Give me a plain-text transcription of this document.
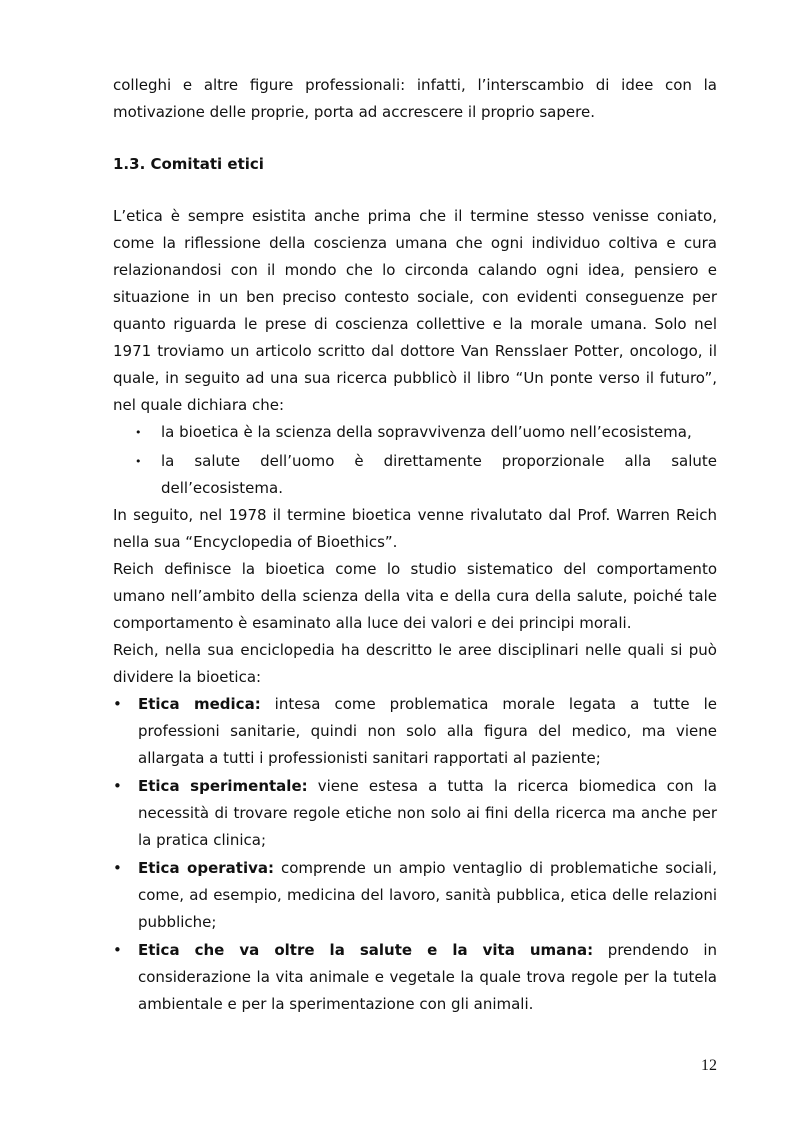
colleghi e altre figure professionali: infatti, l’interscambio di idee con la motivazione delle proprie, porta ad accrescere il proprio sapere.

1.3. Comitati etici

L’etica è sempre esistita anche prima che il termine stesso venisse coniato, come la riflessione della coscienza umana che ogni individuo coltiva e cura relazionandosi con il mondo che lo circonda calando ogni idea, pensiero e situazione in un ben preciso contesto sociale, con evidenti conseguenze per quanto riguarda le prese di coscienza collettive e la morale umana. Solo nel 1971 troviamo un articolo scritto dal dottore Van Rensslaer Potter, oncologo, il quale, in seguito ad una sua ricerca pubblicò il libro “Un ponte verso il futuro”, nel quale dichiara che:

• la bioetica è la scienza della sopravvivenza dell’uomo nell’ecosistema,
• la salute dell’uomo è direttamente proporzionale alla salute dell’ecosistema.

In seguito, nel 1978 il termine bioetica venne rivalutato dal Prof. Warren Reich nella sua “Encyclopedia of Bioethics”.

Reich definisce la bioetica come lo studio sistematico del comportamento umano nell’ambito della scienza della vita e della cura della salute, poiché tale comportamento è esaminato alla luce dei valori e dei principi morali.

Reich, nella sua enciclopedia ha descritto le aree disciplinari nelle quali si può dividere la bioetica:

• Etica medica: intesa come problematica morale legata a tutte le professioni sanitarie, quindi non solo alla figura del medico, ma viene allargata a tutti i professionisti sanitari rapportati al paziente;
• Etica sperimentale: viene estesa a tutta la ricerca biomedica con la necessità di trovare regole etiche non solo ai fini della ricerca ma anche per la pratica clinica;
• Etica operativa: comprende un ampio ventaglio di problematiche sociali, come, ad esempio, medicina del lavoro, sanità pubblica, etica delle relazioni pubbliche;
• Etica che va oltre la salute e la vita umana: prendendo in considerazione la vita animale e vegetale la quale trova regole per la tutela ambientale e per la sperimentazione con gli animali.
12
